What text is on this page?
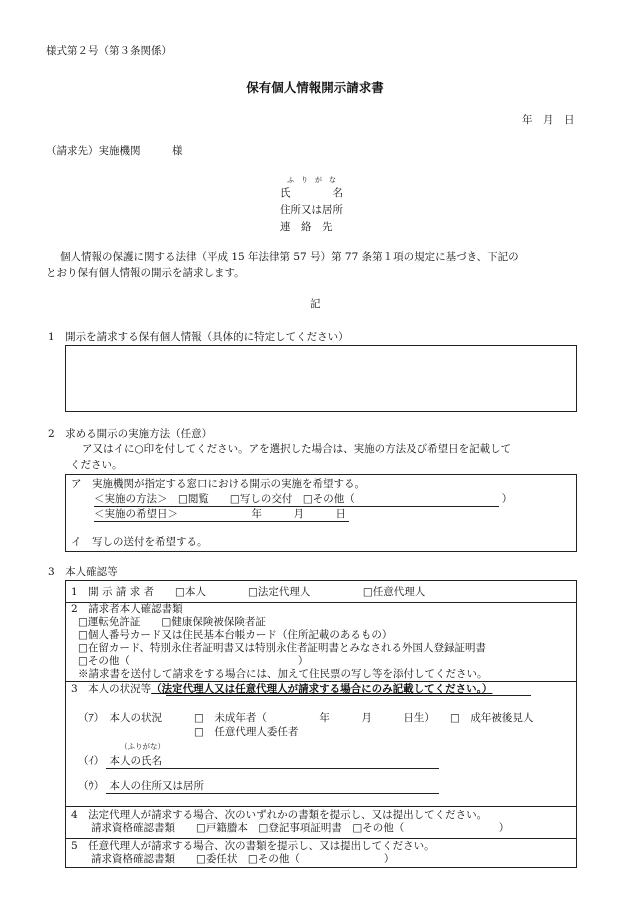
様式第２号（第３条関係）
保有個人情報開示請求書
年　月　日
（請求先）実施機関　　　様
ふ　り　が　な
氏　　　　名
住所又は居所
連　絡　先
個人情報の保護に関する法律（平成 15 年法律第 57 号）第 77 条第１項の規定に基づき、下記の
とおり保有個人情報の開示を請求します。
記
1　開示を請求する保有個人情報（具体的に特定してください）
2　求める開示の実施方法（任意）
ア又はイに○印を付してください。アを選択した場合は、実施の方法及び希望日を記載して
ください。
ア　実施機関が指定する窓口における開示の実施を希望する。
＜実施の方法＞　□閲覧　　□写しの交付　□その他（　　　　　　　　　　　　　　）
＜実施の希望日＞　　　　　　　年　　　月　　　日
イ　写しの送付を希望する。
3　本人確認等
1　開 示 請 求 者　　□本人　　　　□法定代理人　　　　　□任意代理人
2　請求者本人確認書類
□運転免許証　　□健康保険被保険者証
□個人番号カード又は住民基本台帳カード（住所記載のあるもの）
□在留カード、特別永住者証明書又は特別永住者証明書とみなされる外国人登録証明書
□その他（　　　　　　　　　　　　　　　　）
※請求書を送付して請求をする場合には、加えて住民票の写し等を添付してください。
3　本人の状況等（法定代理人又は任意代理人が請求する場合にのみ記載してください。）
（ｱ）　本人の状況	□　未成年者（　　　　　年　　　月　　　日生） □　成年被後見人
□　任意代理人委任者
（ふりがな）
（ｲ）　本人の氏名
（ｳ）　本人の住所又は居所
4　法定代理人が請求する場合、次のいずれかの書類を提示し、又は提出してください。
請求資格確認書類　　□戸籍謄本　□登記事項証明書　□その他（　　　　　　　　　）
5　任意代理人が請求する場合、次の書類を提示し、又は提出してください。
請求資格確認書類　　□委任状　□その他（　　　　　　　　）
